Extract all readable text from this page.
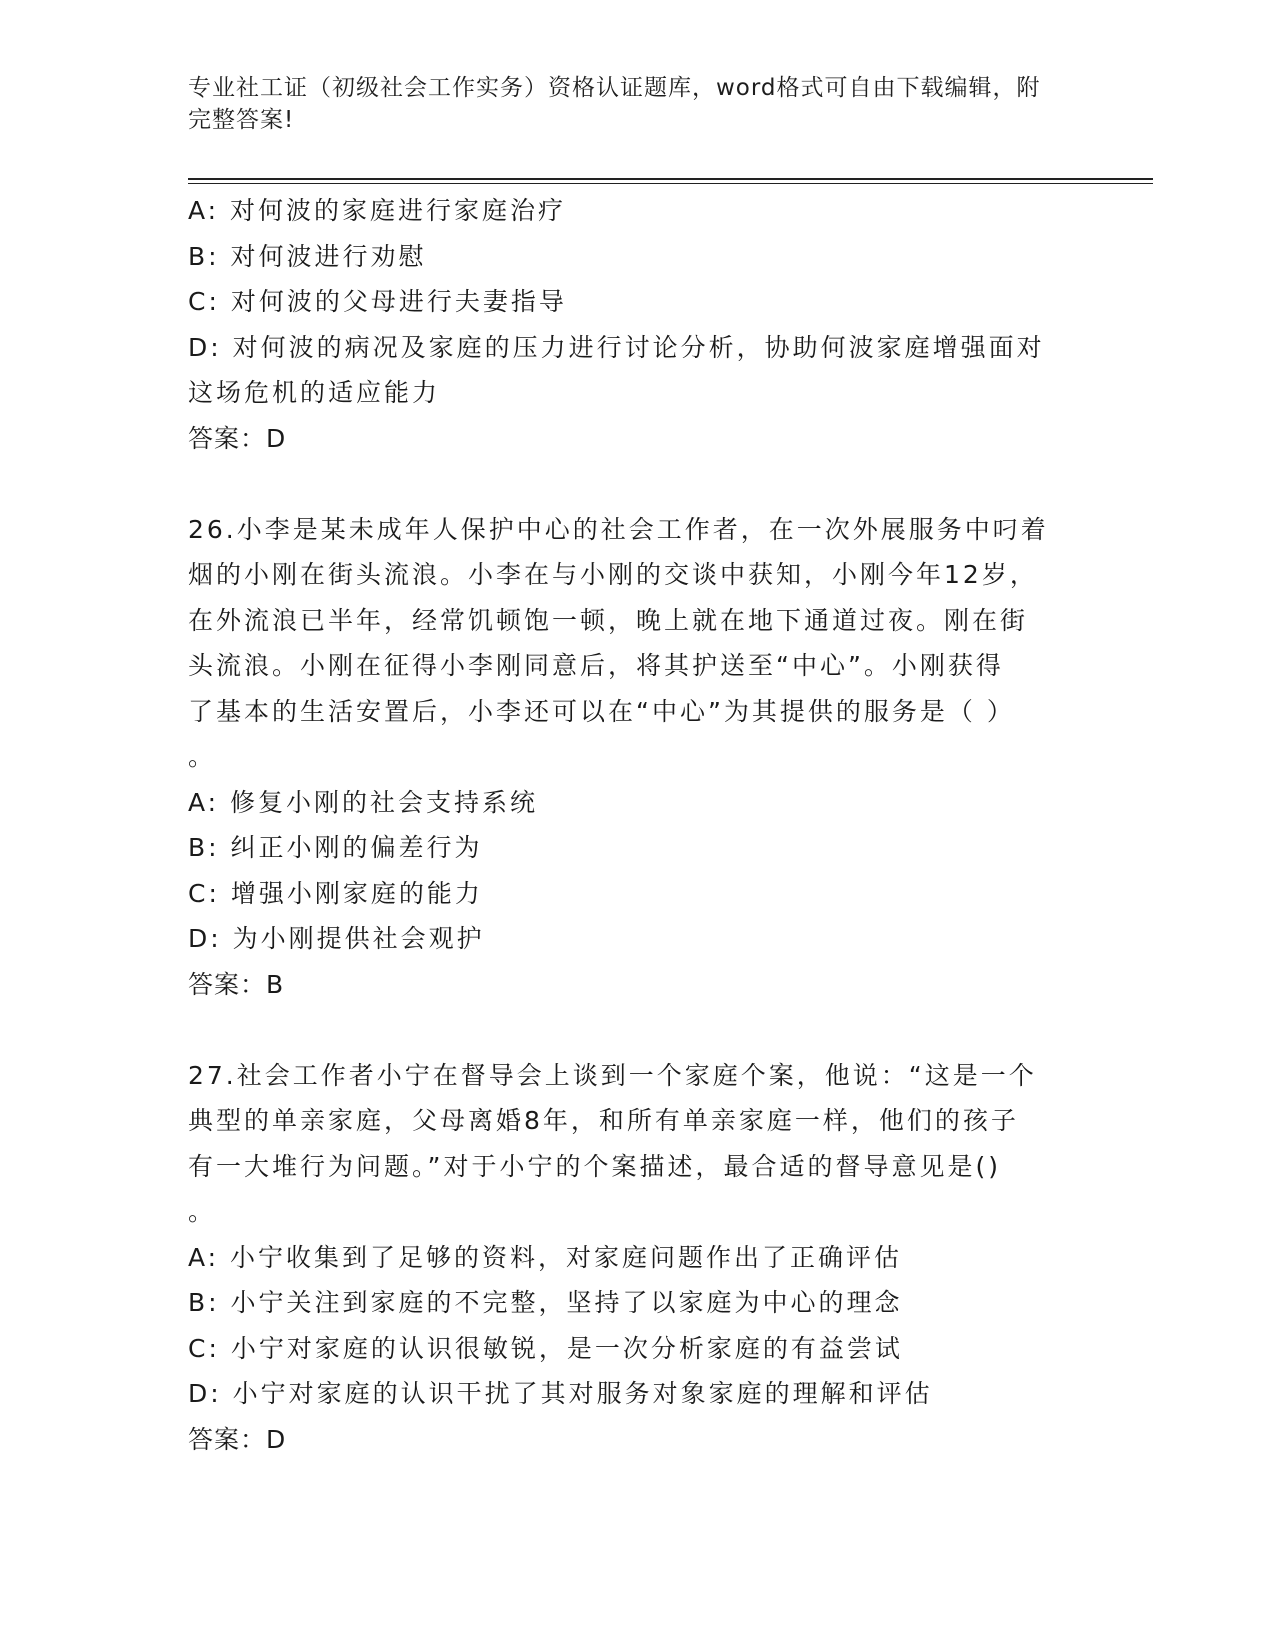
专业社工证（初级社会工作实务）资格认证题库，word格式可自由下载编辑，附
完整答案!
A: 对何波的家庭进行家庭治疗
B: 对何波进行劝慰
C: 对何波的父母进行夫妻指导
D: 对何波的病况及家庭的压力进行讨论分析，协助何波家庭增强面对
这场危机的适应能力
答案：D
26.小李是某未成年人保护中心的社会工作者，在一次外展服务中叼着
烟的小刚在街头流浪。小李在与小刚的交谈中获知，小刚今年12岁，
在外流浪已半年，经常饥顿饱一顿，晚上就在地下通道过夜。刚在街
头流浪。小刚在征得小李刚同意后，将其护送至“中心”。小刚获得
了基本的生活安置后，小李还可以在“中心”为其提供的服务是（ ）
。
A: 修复小刚的社会支持系统
B: 纠正小刚的偏差行为
C: 增强小刚家庭的能力
D: 为小刚提供社会观护
答案：B
27.社会工作者小宁在督导会上谈到一个家庭个案，他说：“这是一个
典型的单亲家庭，父母离婚8年，和所有单亲家庭一样，他们的孩子
有一大堆行为问题。”对于小宁的个案描述，最合适的督导意见是()
。
A: 小宁收集到了足够的资料，对家庭问题作出了正确评估
B: 小宁关注到家庭的不完整，坚持了以家庭为中心的理念
C: 小宁对家庭的认识很敏锐，是一次分析家庭的有益尝试
D: 小宁对家庭的认识干扰了其对服务对象家庭的理解和评估
答案：D
